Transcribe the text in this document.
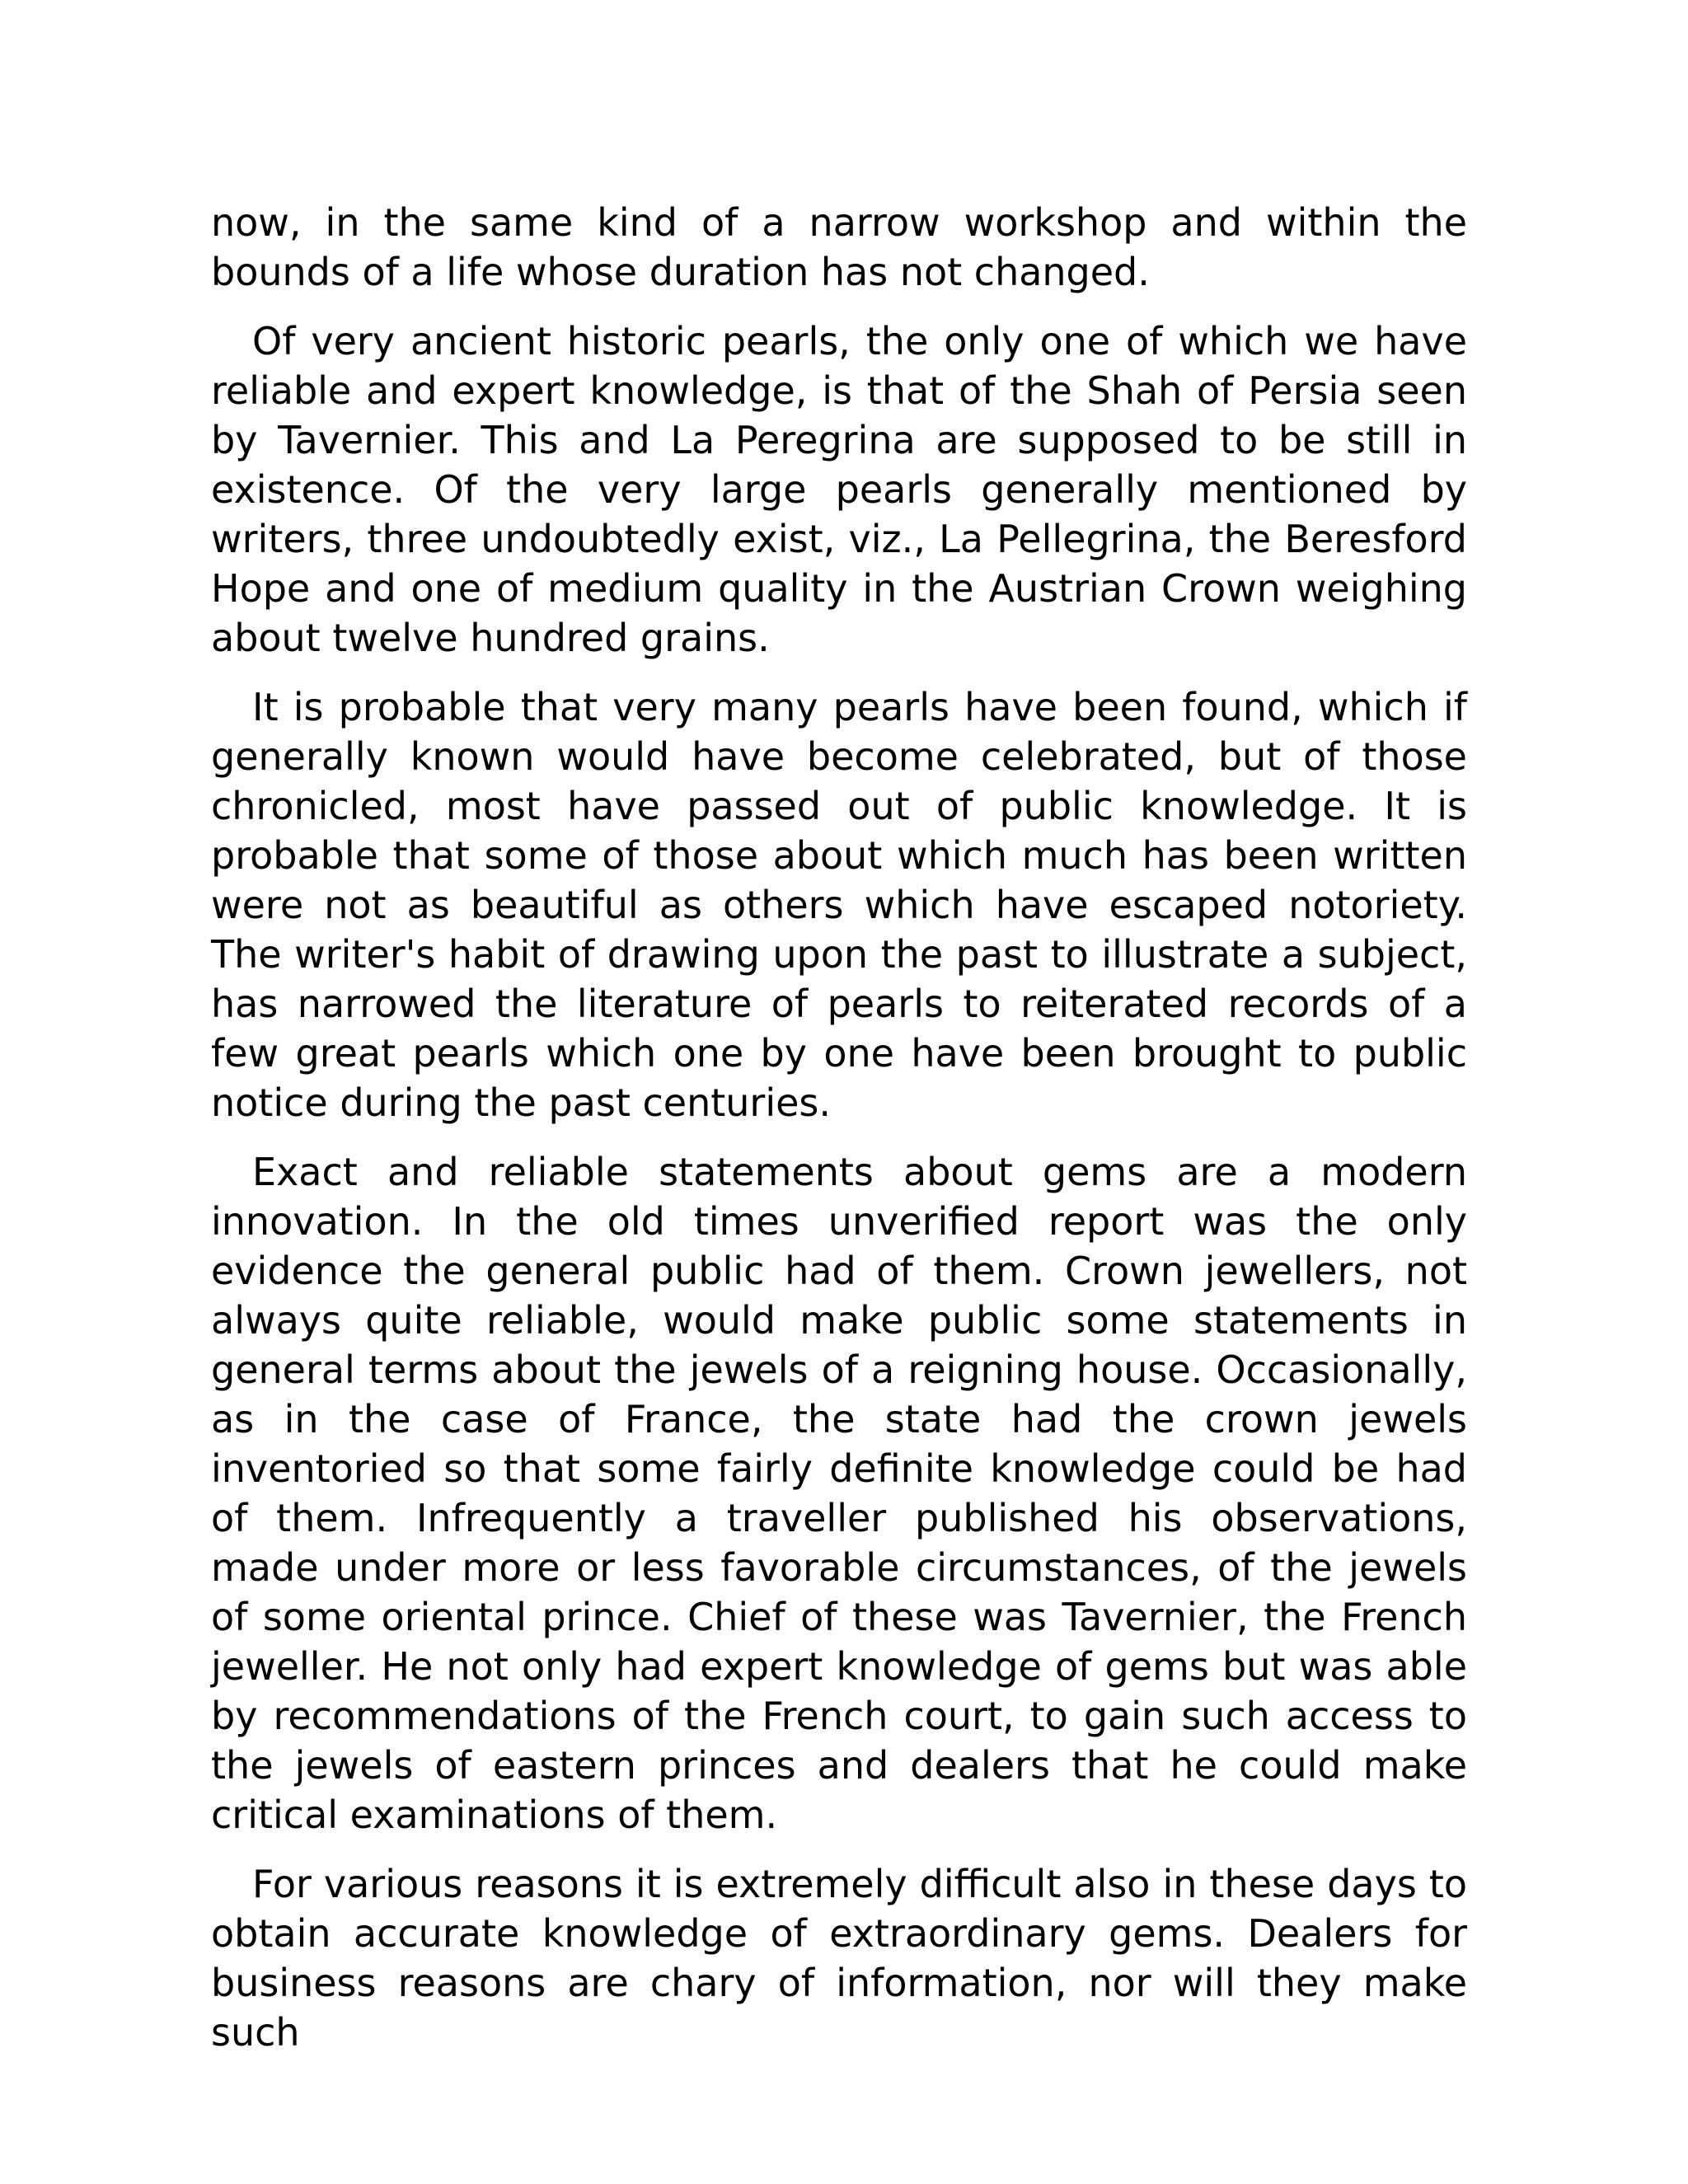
now, in the same kind of a narrow workshop and within the bounds of a life whose duration has not changed.

Of very ancient historic pearls, the only one of which we have reliable and expert knowledge, is that of the Shah of Persia seen by Tavernier. This and La Peregrina are supposed to be still in existence. Of the very large pearls generally mentioned by writers, three undoubtedly exist, viz., La Pellegrina, the Beresford Hope and one of medium quality in the Austrian Crown weighing about twelve hundred grains.

It is probable that very many pearls have been found, which if generally known would have become celebrated, but of those chronicled, most have passed out of public knowledge. It is probable that some of those about which much has been written were not as beautiful as others which have escaped notoriety. The writer's habit of drawing upon the past to illustrate a subject, has narrowed the literature of pearls to reiterated records of a few great pearls which one by one have been brought to public notice during the past centuries.

Exact and reliable statements about gems are a modern innovation. In the old times unverified report was the only evidence the general public had of them. Crown jewellers, not always quite reliable, would make public some statements in general terms about the jewels of a reigning house. Occasionally, as in the case of France, the state had the crown jewels inventoried so that some fairly definite knowledge could be had of them. Infrequently a traveller published his observations, made under more or less favorable circumstances, of the jewels of some oriental prince. Chief of these was Tavernier, the French jeweller. He not only had expert knowledge of gems but was able by recommendations of the French court, to gain such access to the jewels of eastern princes and dealers that he could make critical examinations of them.

For various reasons it is extremely difficult also in these days to obtain accurate knowledge of extraordinary gems. Dealers for business reasons are chary of information, nor will they make such
